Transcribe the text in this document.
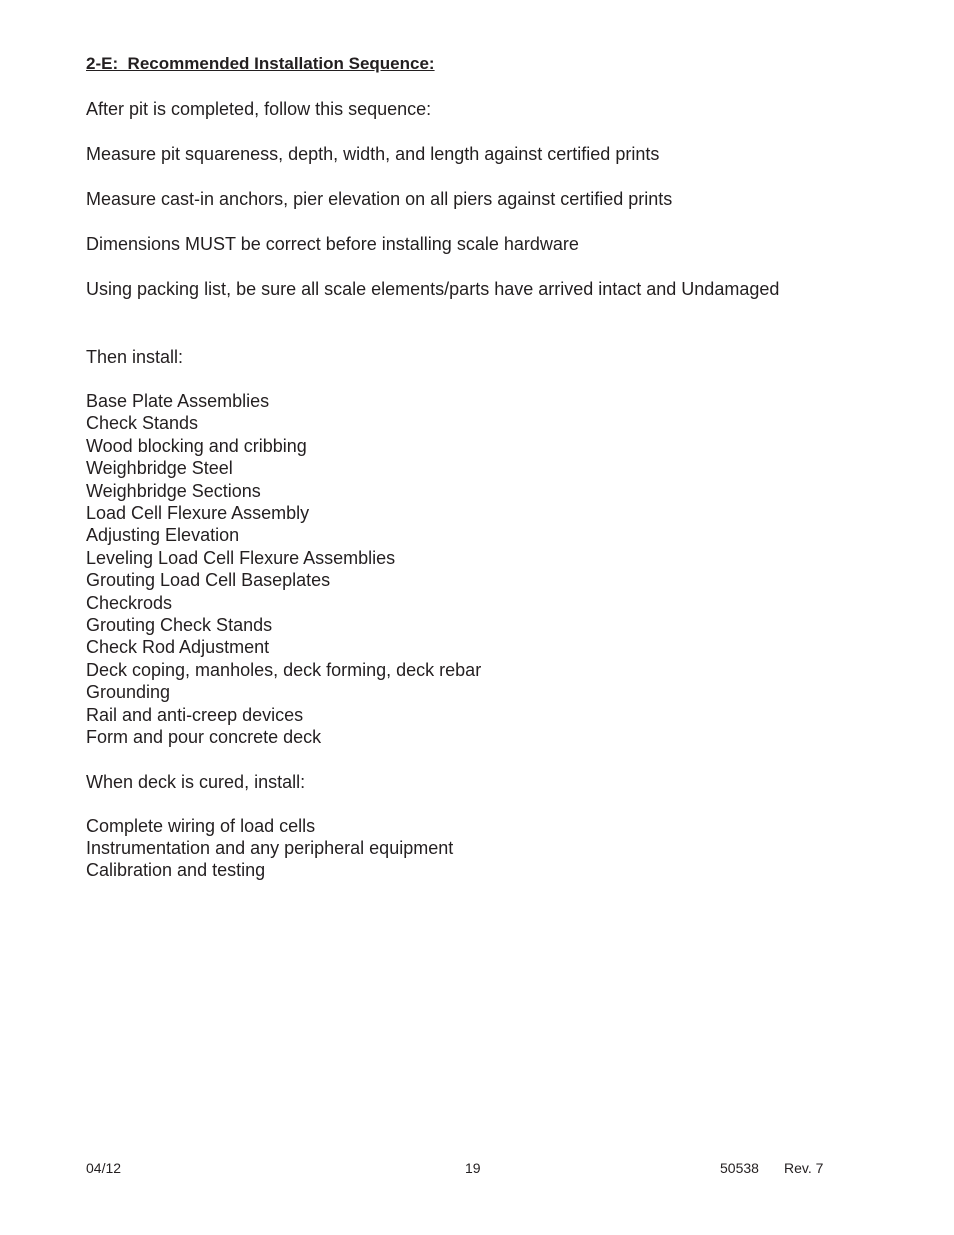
2-E:  Recommended Installation Sequence:

After pit is completed, follow this sequence:

Measure pit squareness, depth, width, and length against certified prints

Measure cast-in anchors, pier elevation on all piers against certified prints

Dimensions MUST be correct before installing scale hardware

Using packing list, be sure all scale elements/parts have arrived intact and Undamaged

Then install:

Base Plate Assemblies
Check Stands
Wood blocking and cribbing
Weighbridge Steel
Weighbridge Sections
Load Cell Flexure Assembly
Adjusting Elevation
Leveling Load Cell Flexure Assemblies
Grouting Load Cell Baseplates
Checkrods
Grouting Check Stands
Check Rod Adjustment
Deck coping, manholes, deck forming, deck rebar
Grounding
Rail and anti-creep devices
Form and pour concrete deck

When deck is cured, install:

Complete wiring of load cells
Instrumentation and any peripheral equipment
Calibration and testing
04/12	19	50538 Rev. 7
